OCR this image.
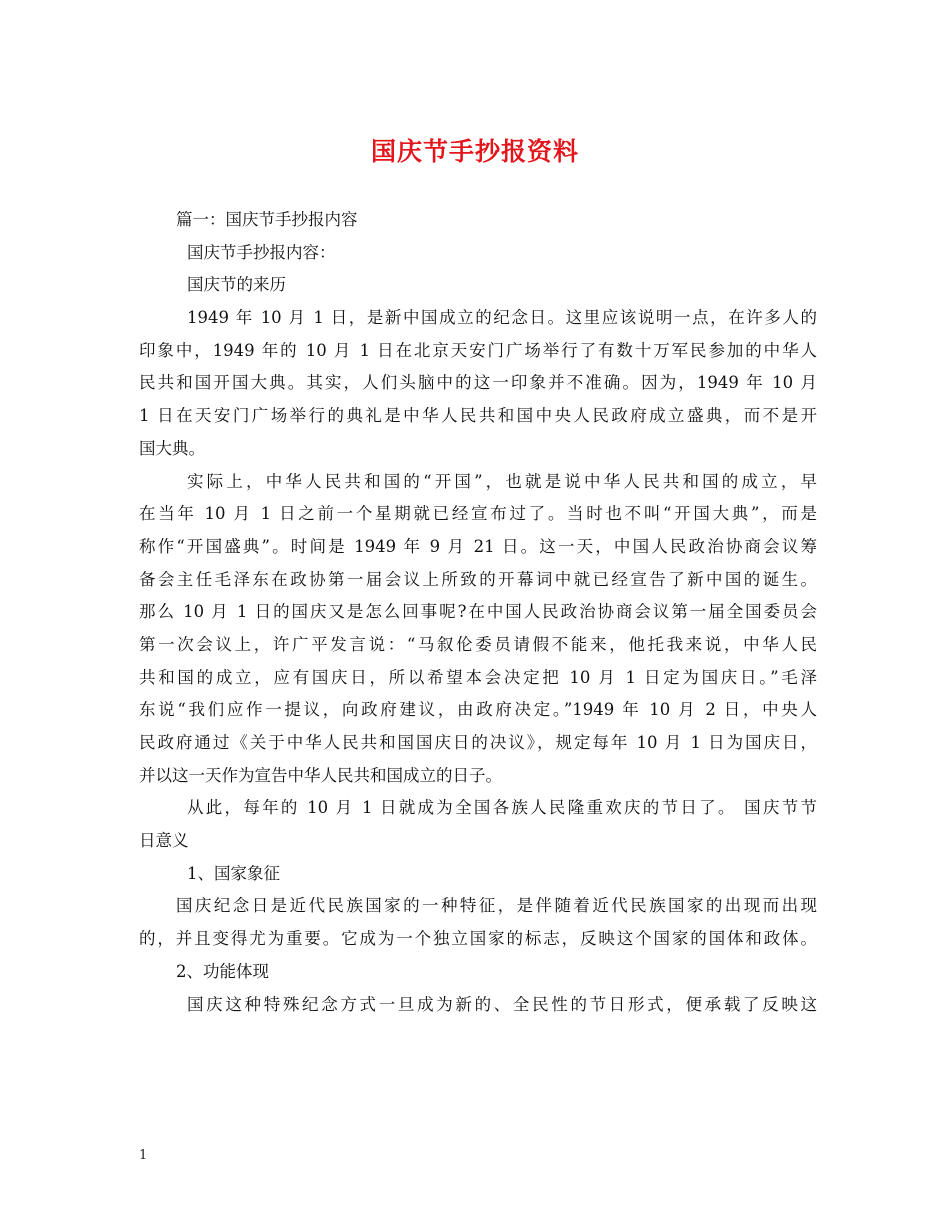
国庆节手抄报资料
篇一：国庆节手抄报内容
国庆节手抄报内容：
国庆节的来历
1949 年 10 月 1 日，是新中国成立的纪念日。这里应该说明一点，在许多人的
印象中，1949 年的 10 月 1 日在北京天安门广场举行了有数十万军民参加的中华人
民共和国开国大典。其实，人们头脑中的这一印象并不准确。因为，1949 年 10 月
1 日在天安门广场举行的典礼是中华人民共和国中央人民政府成立盛典，而不是开
国大典。
实际上，中华人民共和国的“开国”，也就是说中华人民共和国的成立，早
在当年 10 月 1 日之前一个星期就已经宣布过了。当时也不叫“开国大典”，而是
称作“开国盛典”。时间是 1949 年 9 月 21 日。这一天，中国人民政治协商会议筹
备会主任毛泽东在政协第一届会议上所致的开幕词中就已经宣告了新中国的诞生。
那么 10 月 1 日的国庆又是怎么回事呢?在中国人民政治协商会议第一届全国委员会
第一次会议上，许广平发言说：“马叙伦委员请假不能来，他托我来说，中华人民
共和国的成立，应有国庆日，所以希望本会决定把 10 月 1 日定为国庆日。”毛泽
东说“我们应作一提议，向政府建议，由政府决定。”1949 年 10 月 2 日，中央人
民政府通过《关于中华人民共和国国庆日的决议》，规定每年 10 月 1 日为国庆日，
并以这一天作为宣告中华人民共和国成立的日子。
从此，每年的 10 月 1 日就成为全国各族人民隆重欢庆的节日了。 国庆节节
日意义
1、国家象征
国庆纪念日是近代民族国家的一种特征，是伴随着近代民族国家的出现而出现
的，并且变得尤为重要。它成为一个独立国家的标志，反映这个国家的国体和政体。
2、功能体现
国庆这种特殊纪念方式一旦成为新的、全民性的节日形式，便承载了反映这
1
